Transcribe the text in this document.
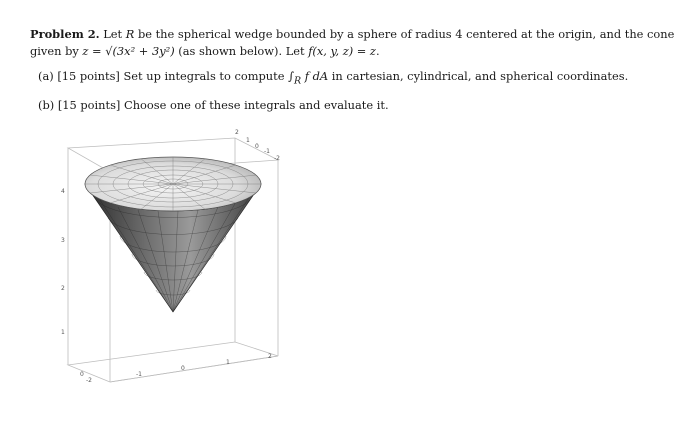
Problem 2. Let R be the spherical wedge bounded by a sphere of radius 4 centered at the origin, and the cone given by z = √(3x² + 3y²) (as shown below). Let f(x, y, z) = z.

(a) [15 points] Set up integrals to compute $\int_R$ f dA in cartesian, cylindrical, and spherical coordinates.

(b) [15 points] Choose one of these integrals and evaluate it.

4
3
2
1
0
-2
-1
0
1
2
2
1
0
-1
-2
